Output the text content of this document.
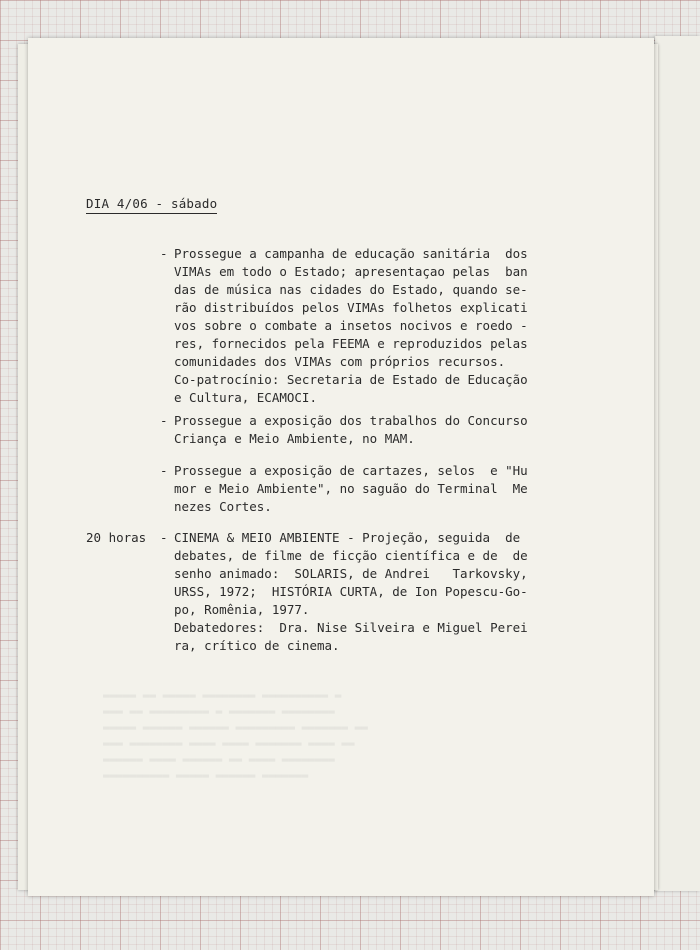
▬▬▬▬▬ ▬▬ ▬▬▬▬▬ ▬▬▬▬▬▬▬▬ ▬▬▬▬▬▬▬▬▬▬ ▬
▬▬▬ ▬▬ ▬▬▬▬▬▬▬▬▬ ▬ ▬▬▬▬▬▬▬ ▬▬▬▬▬▬▬▬
▬▬▬▬▬ ▬▬▬▬▬▬ ▬▬▬▬▬▬ ▬▬▬▬▬▬▬▬▬ ▬▬▬▬▬▬▬ ▬▬
▬▬▬ ▬▬▬▬▬▬▬▬ ▬▬▬▬ ▬▬▬▬ ▬▬▬▬▬▬▬ ▬▬▬▬ ▬▬
▬▬▬▬▬▬ ▬▬▬▬ ▬▬▬▬▬▬ ▬▬ ▬▬▬▬ ▬▬▬▬▬▬▬▬
▬▬▬▬▬▬▬▬▬▬ ▬▬▬▬▬ ▬▬▬▬▬▬ ▬▬▬▬▬▬▬
DIA 4/06 - sábado
- Prossegue a campanha de educação sanitária  dos
VIMAs em todo o Estado; apresentaçao pelas  ban
das de música nas cidades do Estado, quando se-
rão distribuídos pelos VIMAs folhetos explicati
vos sobre o combate a insetos nocivos e roedo -
res, fornecidos pela FEEMA e reproduzidos pelas
comunidades dos VIMAs com próprios recursos.
Co-patrocínio: Secretaria de Estado de Educação
e Cultura, ECAMOCI.
- Prossegue a exposição dos trabalhos do Concurso
Criança e Meio Ambiente, no MAM.
- Prossegue a exposição de cartazes, selos  e "Hu
mor e Meio Ambiente", no saguão do Terminal  Me
nezes Cortes.
20 horas	- CINEMA & MEIO AMBIENTE - Projeção, seguida  de
debates, de filme de ficção científica e de  de
senho animado:  SOLARIS, de Andrei   Tarkovsky,
URSS, 1972;  HISTÓRIA CURTA, de Ion Popescu-Go-
po, Romênia, 1977.
Debatedores:  Dra. Nise Silveira e Miguel Perei
ra, crítico de cinema.
